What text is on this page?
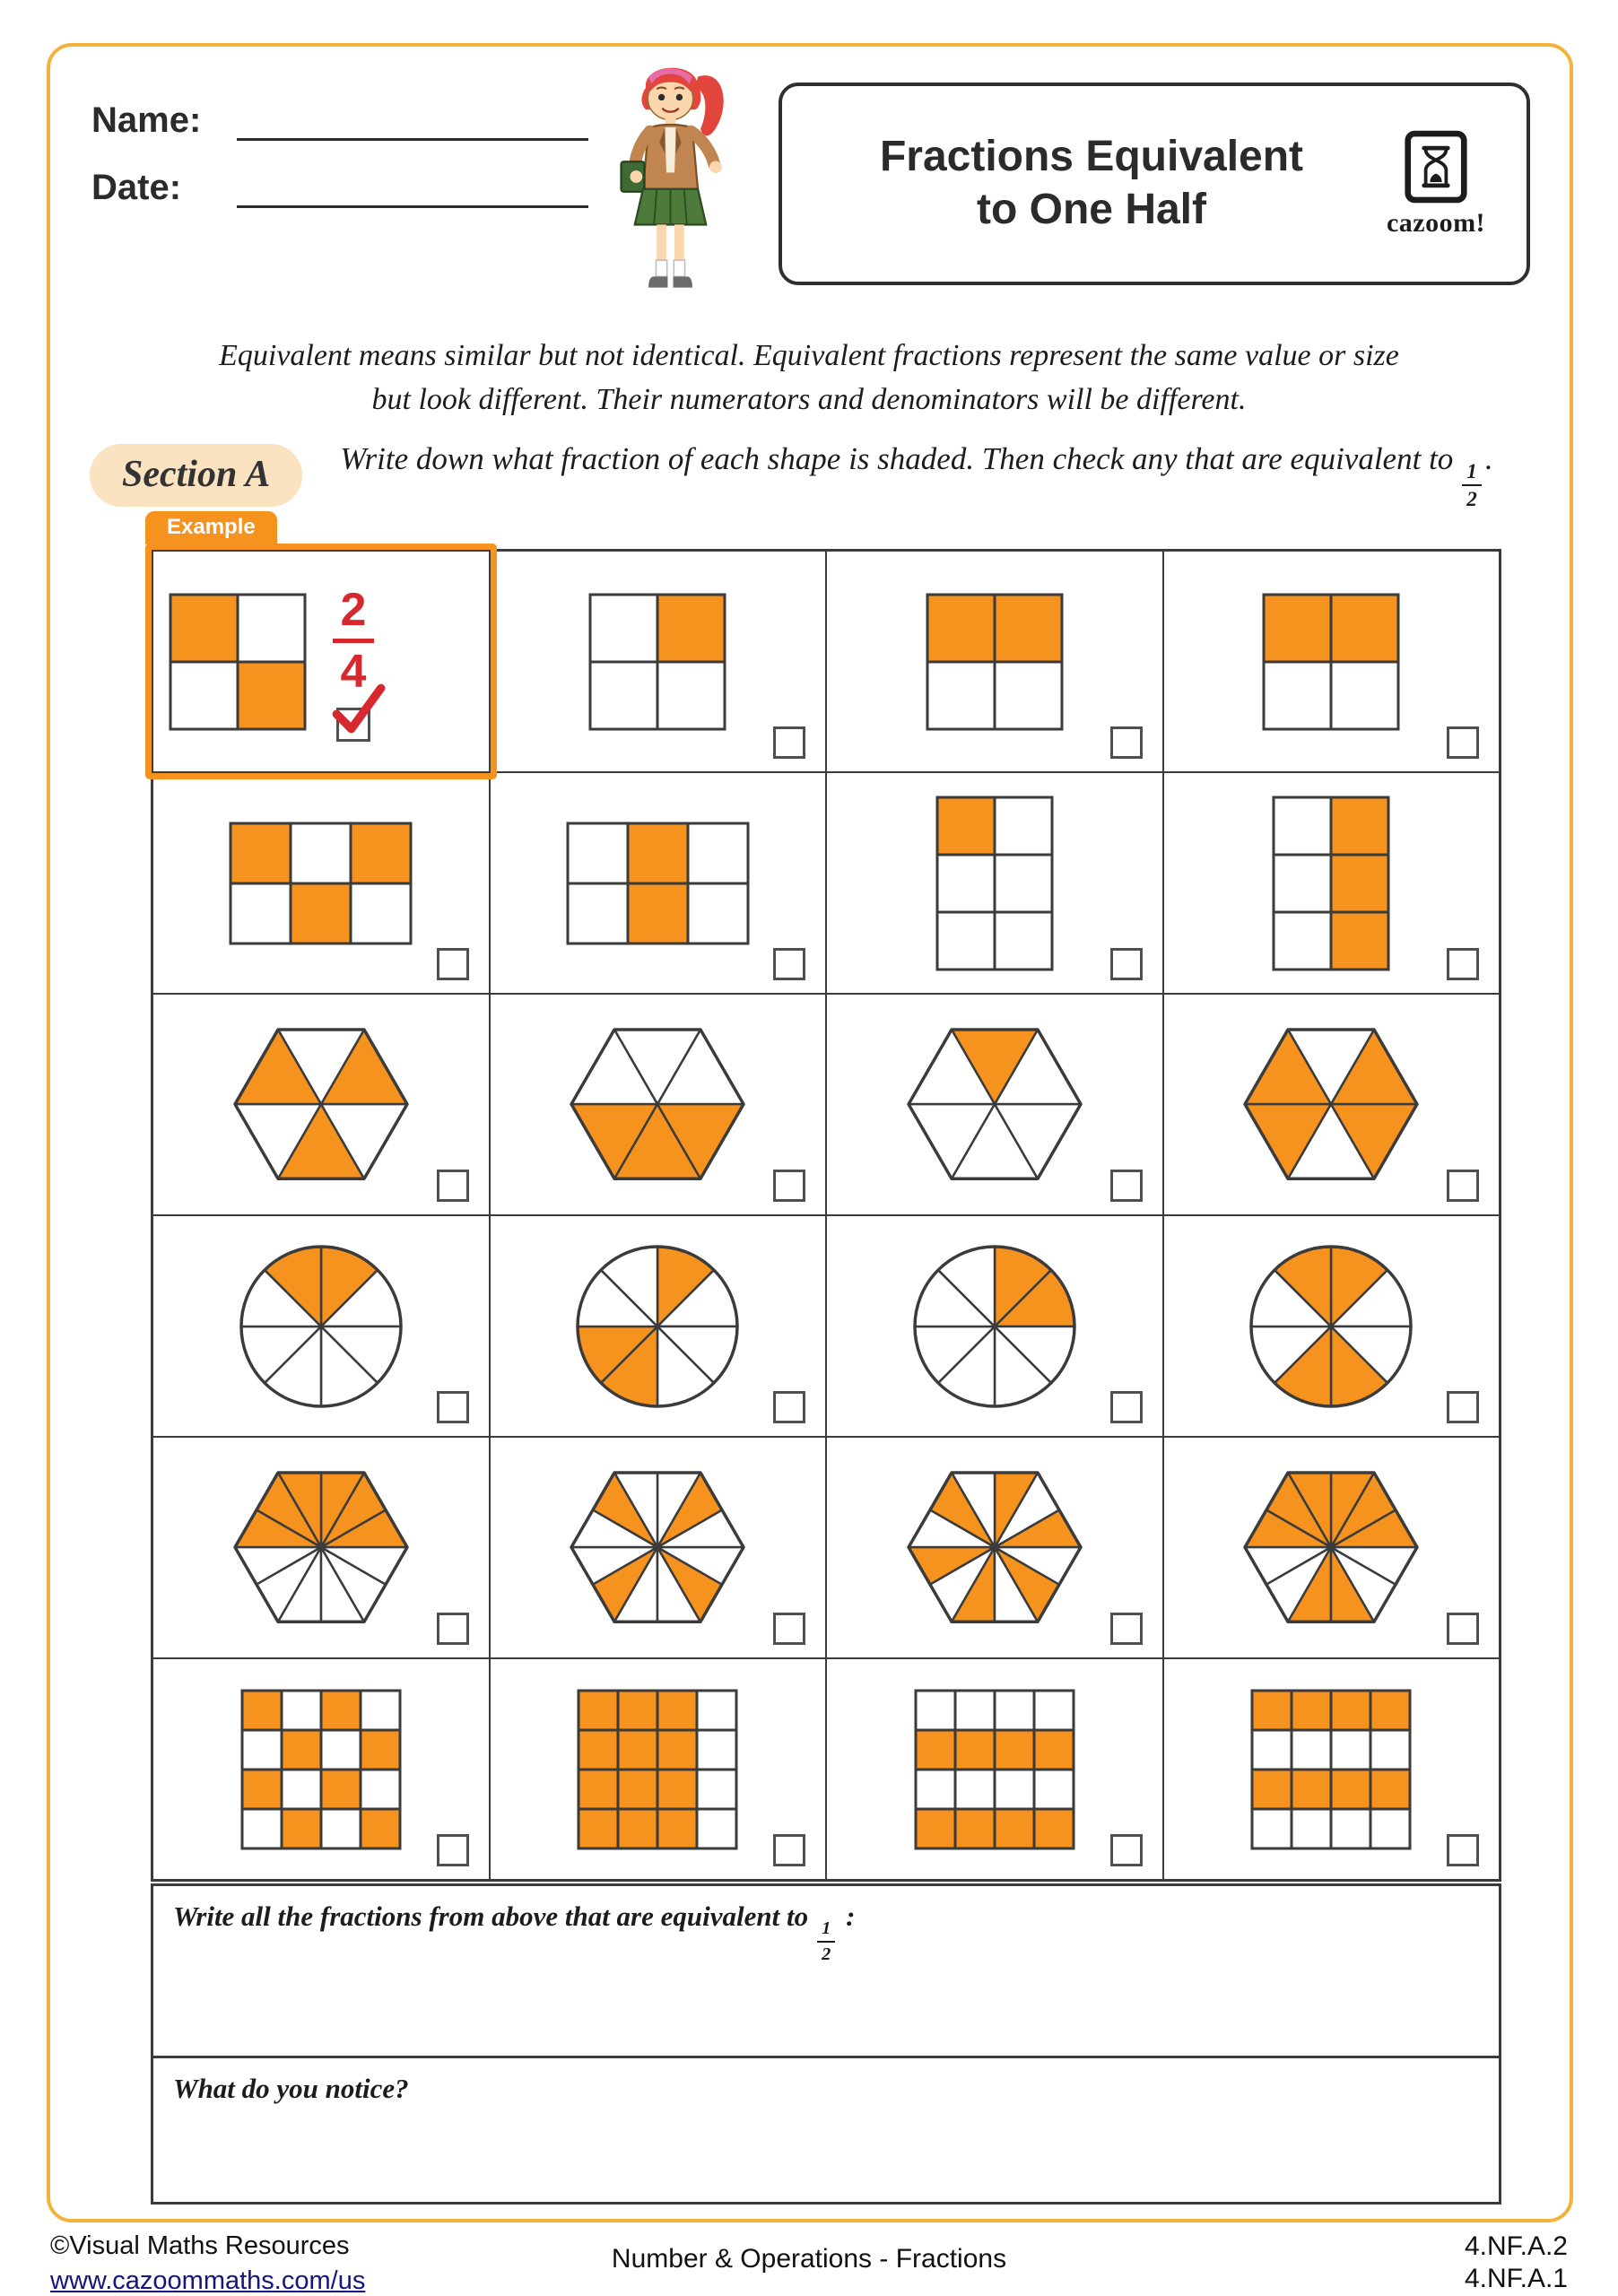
Name:
Date:
Fractions Equivalent
to One Half	cazoom!
Equivalent means similar but not identical. Equivalent fractions represent the same value or size
but look different. Their numerators and denominators will be different.
Section A	Write down what fraction of each shape is shaded. Then check any that are equivalent to
$\frac{1}{2}$
.
2
4
Example
Write all the fractions from above that are equivalent to
$\frac{1}{2}$
:
What do you notice?
©Visual Maths Resources
www.cazoommaths.com/us
Number & Operations - Fractions	4.NF.A.2
4.NF.A.1
